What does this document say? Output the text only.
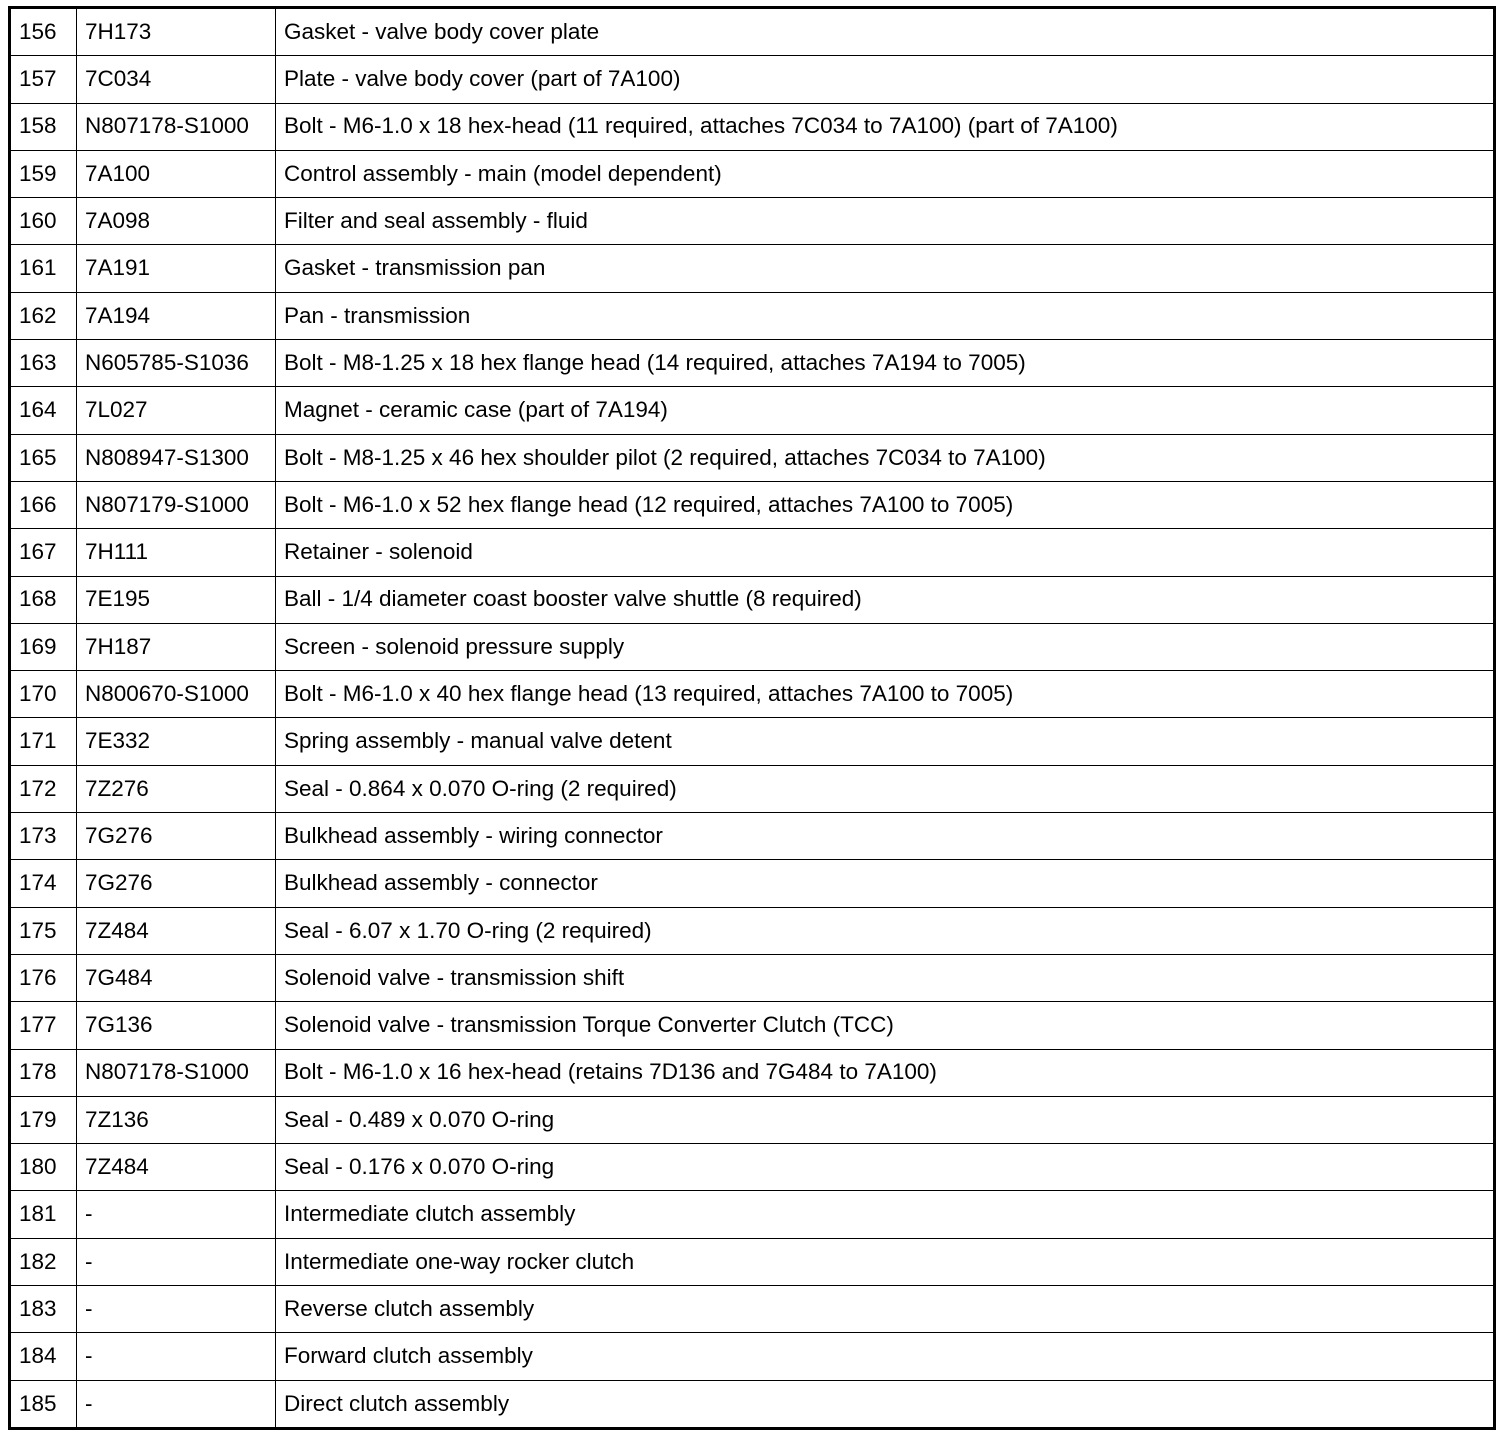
156	7H173	Gasket - valve body cover plate
157	7C034	Plate - valve body cover (part of 7A100)
158	N807178-S1000	Bolt - M6-1.0 x 18 hex-head (11 required, attaches 7C034 to 7A100) (part of 7A100)
159	7A100	Control assembly - main (model dependent)
160	7A098	Filter and seal assembly - fluid
161	7A191	Gasket - transmission pan
162	7A194	Pan - transmission
163	N605785-S1036	Bolt - M8-1.25 x 18 hex flange head (14 required, attaches 7A194 to 7005)
164	7L027	Magnet - ceramic case (part of 7A194)
165	N808947-S1300	Bolt - M8-1.25 x 46 hex shoulder pilot (2 required, attaches 7C034 to 7A100)
166	N807179-S1000	Bolt - M6-1.0 x 52 hex flange head (12 required, attaches 7A100 to 7005)
167	7H111	Retainer - solenoid
168	7E195	Ball - 1/4 diameter coast booster valve shuttle (8 required)
169	7H187	Screen - solenoid pressure supply
170	N800670-S1000	Bolt - M6-1.0 x 40 hex flange head (13 required, attaches 7A100 to 7005)
171	7E332	Spring assembly - manual valve detent
172	7Z276	Seal - 0.864 x 0.070 O-ring (2 required)
173	7G276	Bulkhead assembly - wiring connector
174	7G276	Bulkhead assembly - connector
175	7Z484	Seal - 6.07 x 1.70 O-ring (2 required)
176	7G484	Solenoid valve - transmission shift
177	7G136	Solenoid valve - transmission Torque Converter Clutch (TCC)
178	N807178-S1000	Bolt - M6-1.0 x 16 hex-head (retains 7D136 and 7G484 to 7A100)
179	7Z136	Seal - 0.489 x 0.070 O-ring
180	7Z484	Seal - 0.176 x 0.070 O-ring
181	-	Intermediate clutch assembly
182	-	Intermediate one-way rocker clutch
183	-	Reverse clutch assembly
184	-	Forward clutch assembly
185	-	Direct clutch assembly
